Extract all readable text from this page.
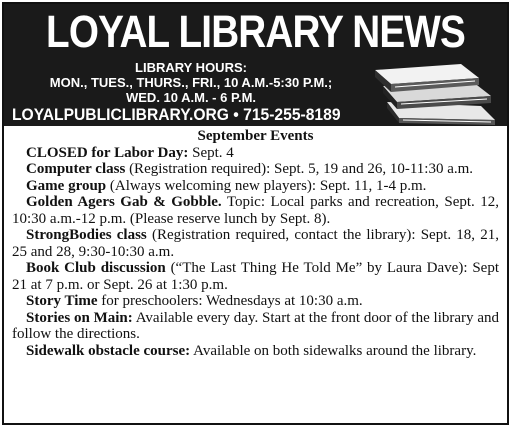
LOYAL LIBRARY NEWS
LIBRARY HOURS:
MON., TUES., THURS., FRI., 10 A.M.-5:30 P.M.;
WED. 10 A.M. - 6 P.M.
LOYALPUBLICLIBRARY.ORG • 715-255-8189
September Events

CLOSED for Labor Day: Sept. 4

Computer class (Registration required): Sept. 5, 19 and 26, 10-11:30 a.m.

Game group (Always welcoming new players): Sept. 11, 1-4 p.m.

Golden Agers Gab & Gobble. Topic: Local parks and recreation, Sept. 12, 10:30 a.m.-12 p.m. (Please reserve lunch by Sept. 8).

StrongBodies class (Registration required, contact the library): Sept. 18, 21, 25 and 28, 9:30-10:30 a.m.

Book Club discussion (“The Last Thing He Told Me” by Laura Dave): Sept 21 at 7 p.m. or Sept. 26 at 1:30 p.m.

Story Time for preschoolers: Wednesdays at 10:30 a.m.

Stories on Main: Available every day. Start at the front door of the library and follow the directions.

Sidewalk obstacle course: Available on both sidewalks around the library.
